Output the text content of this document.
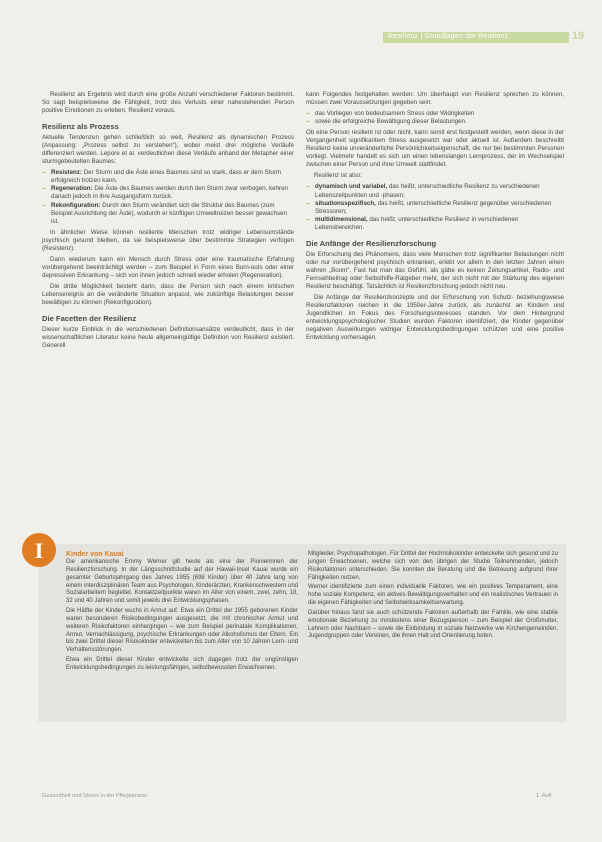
Resilienz | Grundlagen der Resilienz	19

Resilienz als Ergebnis wird durch eine große Anzahl verschiedener Faktoren bestimmt. So sagt beispielsweise die Fähigkeit, trotz des Verlusts einer nahestehenden Person positive Emotionen zu erleben, Resilienz voraus.

Resilienz als Prozess

Aktuelle Tendenzen gehen schließlich so weit, Resilienz als dynamischen Prozess (Anpassung: „Prozess selbst zu verstehen“), wobei meist drei mögliche Verläufe differenziert werden. Lepore et al. verdeutlichen diese Verläufe anhand der Metapher einer sturmgebeutelten Baumes:

– Resistenz: Der Sturm und die Äste eines Baumes sind so stark, dass er dem Sturm erfolgreich trotzen kann.
– Regeneration: Die Äste des Baumes werden durch den Sturm zwar verbogen, kehren danach jedoch in ihre Ausgangsform zurück.
– Rekonfiguration: Durch den Sturm verändert sich die Struktur des Baumes (zum Beispiel Ausrichtung der Äste), wodurch er künftigen Umweltreizen besser gewachsen ist.

In ähnlicher Weise können resiliente Menschen trotz widriger Lebensumstände psychisch gesund bleiben, da sie beispielsweise über bestimmte Strategien verfügen (Resistenz).

Dann wiederum kann ein Mensch durch Stress oder eine traumatische Erfahrung vorübergehend beeinträchtigt werden – zum Beispiel in Form eines Burn-outs oder einer depressiven Erkrankung – sich von ihnen jedoch schnell wieder erholen (Regeneration).

Die dritte Möglichkeit besteht darin, dass die Person sich nach einem kritischen Lebensereignis an die veränderte Situation anpasst, wie zukünftige Belastungen besser bewältigen zu können (Rekonfiguration).

Die Facetten der Resilienz

Dieser kurze Einblick in die verschiedenen Definitionsansätze verdeutlicht, dass in der wissenschaftlichen Literatur keine heute allgemeingültige Definition von Resilienz existiert. Generell

kann Folgendes festgehalten werden: Um überhaupt von Resilienz sprechen zu können, müssen zwei Voraussetzungen gegeben sein:

– das Vorliegen von bedeutsamem Stress oder Widrigkeiten
– sowie die erfolgreiche Bewältigung dieser Belastungen.

Ob eine Person resilient ist oder nicht, kann somit erst festgestellt werden, wenn diese in der Vergangenheit signifikantem Stress ausgesetzt war oder aktuell ist. Außerdem beschreibt Resilienz keine unveränderliche Persönlichkeitseigenschaft, die nur bei bestimmten Personen vorliegt. Vielmehr handelt es sich um einen lebenslangen Lernprozess, der im Wechselspiel zwischen einer Person und ihrer Umwelt stattfindet.

Resilienz ist also:

– dynamisch und variabel, das heißt, unterschiedliche Resilienz zu verschiedenen Lebenszeitpunkten und -phasen;
– situationsspezifisch, das heißt, unterschiedliche Resilienz gegenüber verschiedenen Stressoren;
– multidimensional, das heißt, unterschiedliche Resilienz in verschiedenen Lebensbereichen.
Die Anfänge der Resilienzforschung

Die Erforschung des Phänomens, dass viele Menschen trotz signifikanter Belastungen nicht oder nur vorübergehend psychisch erkranken, erlebt vor allem in den letzten Jahren einen wahren „Boom“. Fast hat man das Gefühl, als gäbe es keinen Zeitungsartikel, Radio- und Fernsehbeitrag oder Selbsthilfe-Ratgeber mehr, der sich nicht mit der Stärkung des eigenen Resilienz beschäftigt. Tatsächlich ist Resilienzforschung jedoch nicht neu.

Die Anfänge der Resilienzkonzepte und der Erforschung von Schutz- beziehungsweise Resilienzfaktoren reichen in die 1950er-Jahre zurück, als zunächst an Kindern und Jugendlichen im Fokus des Forschungsinteresses standen. Vor dem Hintergrund entwicklungspsychologischer Studien wurden Faktoren identifiziert, die Kinder gegenüber negativen Auswirkungen widriger Entwicklungsbedingungen schützen und eine positive Entwicklung vorhersagen.

I	Kinder von Kauai

Die amerikanische Emmy Werner gilt heute als eine der Pionierinnen der Resilienzforschung. In der Längsschnittstudie auf der Hawaii-Insel Kauai wurde ein gesamter Geburtsjahrgang des Jahres 1955 (698 Kinder) über 40 Jahre lang von einem interdisziplinären Team aus Psychologen, Kinderärzten, Krankenschwestern und Sozialarbeitern begleitet. Kontaktzeitpunkte waren im Alter von einem, zwei, zehn, 18, 32 und 40 Jahren und somit jeweils drei Entwicklungsphasen.

Die Hälfte der Kinder wuchs in Armut auf. Etwa ein Drittel der 1955 geborenen Kinder waren besonderen Risikobedingungen ausgesetzt, die mit chronischer Armut und weiteren Risikofaktoren einhergingen – wie zum Beispiel perinatale Komplikationen, Armut, Vernachlässigung, psychische Erkrankungen oder Alkoholismus der Eltern. Ein bis zwei Drittel dieser Risikokinder entwickelten bis zum Alter von 10 Jahren Lern- und Verhaltensstörungen.

Etwa ein Drittel dieser Kinder entwickelte sich dagegen trotz der ungünstigen Entwicklungsbedingungen zu leistungsfähigen, selbstbewussten Erwachsenen.

Mitglieder, Psychopathologen. Für Drittel der Hochrisikokinder entwickelte sich gesund und zu jungen Erwachsenen, welche sich von den übrigen der Studie Teilnehmenden, jedoch Risikofaktoren unterschieden. Sie konnten die Beratung und die Betreuung aufgrund ihrer Fähigkeiten nutzen.

Werner identifizierte zum einen individuelle Faktoren, wie ein positives Temperament, eine hohe soziale Kompetenz, ein aktives Bewältigungsverhalten und ein realistisches Vertrauen in die eigenen Fähigkeiten und Selbstwirksamkeitserwartung.

Darüber hinaus fand sie auch schützende Faktoren außerhalb der Familie, wie eine stabile emotionale Beziehung zu mindestens einer Bezugsperson – zum Beispiel der Großmutter, Lehrern oder Nachbarn – sowie die Einbindung in soziale Netzwerke wie Kirchengemeinden, Jugendgruppen oder Vereinen, die ihnen Halt und Orientierung boten.

Gesundheit und Stress in der Pflegepraxis	1. Aufl.
